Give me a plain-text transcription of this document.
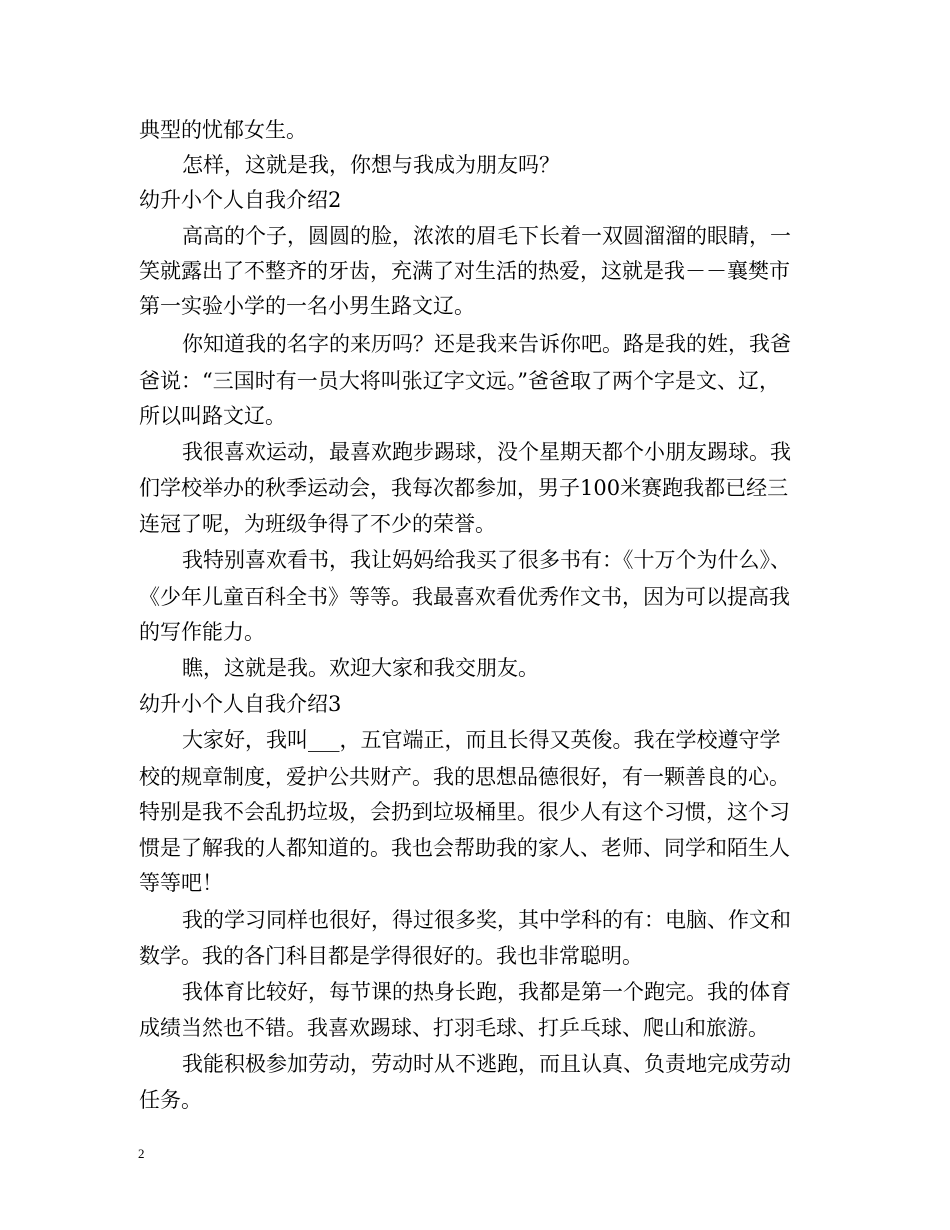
典型的忧郁女生。
怎样，这就是我，你想与我成为朋友吗？
幼升小个人自我介绍2
高高的个子，圆圆的脸，浓浓的眉毛下长着一双圆溜溜的眼睛，一
笑就露出了不整齐的牙齿，充满了对生活的热爱，这就是我－－襄樊市
第一实验小学的一名小男生路文辽。
你知道我的名字的来历吗？还是我来告诉你吧。路是我的姓，我爸
爸说：“三国时有一员大将叫张辽字文远。”爸爸取了两个字是文、辽，
所以叫路文辽。
我很喜欢运动，最喜欢跑步踢球，没个星期天都个小朋友踢球。我
们学校举办的秋季运动会，我每次都参加，男子100米赛跑我都已经三
连冠了呢，为班级争得了不少的荣誉。
我特别喜欢看书，我让妈妈给我买了很多书有：《十万个为什么》、
《少年儿童百科全书》等等。我最喜欢看优秀作文书，因为可以提高我
的写作能力。
瞧，这就是我。欢迎大家和我交朋友。
幼升小个人自我介绍3
大家好，我叫___，五官端正，而且长得又英俊。我在学校遵守学
校的规章制度，爱护公共财产。我的思想品德很好，有一颗善良的心。
特别是我不会乱扔垃圾，会扔到垃圾桶里。很少人有这个习惯，这个习
惯是了解我的人都知道的。我也会帮助我的家人、老师、同学和陌生人
等等吧！
我的学习同样也很好，得过很多奖，其中学科的有：电脑、作文和
数学。我的各门科目都是学得很好的。我也非常聪明。
我体育比较好，每节课的热身长跑，我都是第一个跑完。我的体育
成绩当然也不错。我喜欢踢球、打羽毛球、打乒乓球、爬山和旅游。
我能积极参加劳动，劳动时从不逃跑，而且认真、负责地完成劳动
任务。
2
